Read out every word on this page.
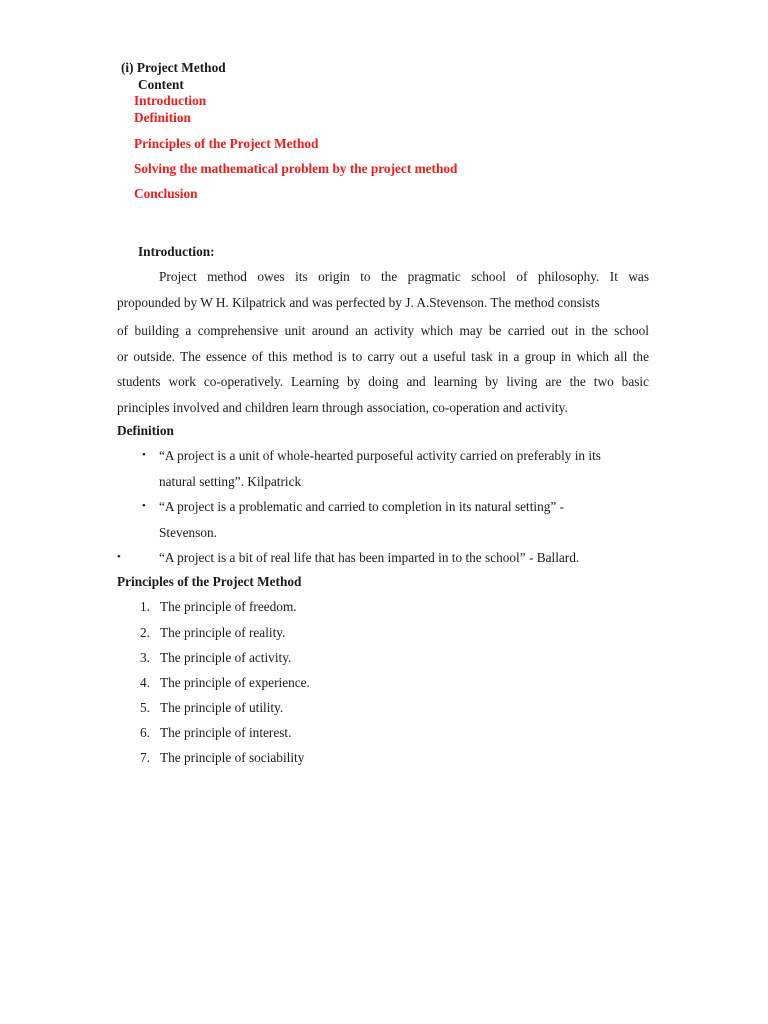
(i) Project Method
Content
Introduction
Definition
Principles of the Project Method
Solving the mathematical problem by the project method
Conclusion
Introduction:
Project method owes its origin to the pragmatic school of philosophy. It was
propounded by W H. Kilpatrick and was perfected by J. A.Stevenson. The method consists
of building a comprehensive unit around an activity which may be carried out in the school
or outside. The essence of this method is to carry out a useful task in a group in which all the
students work co-operatively. Learning by doing and learning by living are the two basic
principles involved and children learn through association, co-operation and activity.
Definition
• “A project is a unit of whole-hearted purposeful activity carried on preferably in its
natural setting”. Kilpatrick
• “A project is a problematic and carried to completion in its natural setting” -
Stevenson.
•	“A project is a bit of real life that has been imparted in to the school” - Ballard.
Principles of the Project Method
1. The principle of freedom.
2. The principle of reality.
3. The principle of activity.
4. The principle of experience.
5. The principle of utility.
6. The principle of interest.
7. The principle of sociability
